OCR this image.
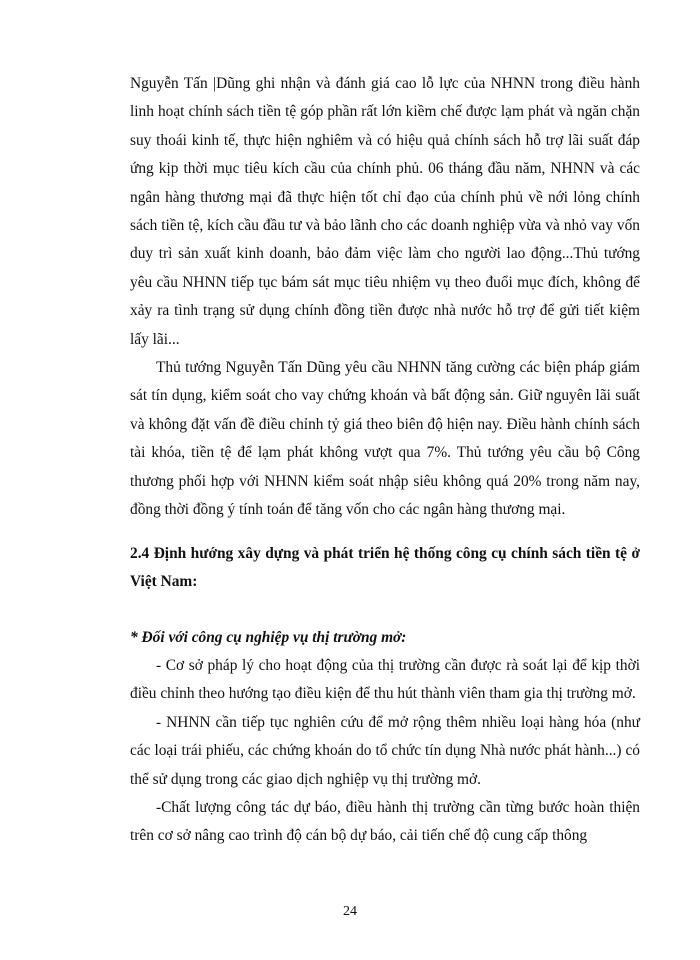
Nguyễn Tấn |Dũng ghi nhận và đánh giá cao lỗ lực của NHNN trong điều hành linh hoạt chính sách tiền tệ góp phần rất lớn kiềm chế được lạm phát và ngăn chặn suy thoái kinh tế, thực hiện nghiêm và có hiệu quả chính sách hỗ trợ lãi suất đáp ứng kịp thời mục tiêu kích cầu của chính phủ. 06 tháng đầu năm, NHNN và các ngân hàng thương mại đã thực hiện tốt chỉ đạo của chính phủ về nới lỏng chính sách tiền tệ, kích cầu đầu tư và bảo lãnh cho các doanh nghiệp vừa và nhỏ vay vốn duy trì sản xuất kinh doanh, bảo đảm việc làm cho người lao động...Thủ tướng yêu cầu NHNN tiếp tục bám sát mục tiêu nhiệm vụ theo đuổi mục đích, không để xảy ra tình trạng sử dụng chính đồng tiền được nhà nước hỗ trợ để gửi tiết kiệm lấy lãi...

Thủ tướng Nguyễn Tấn Dũng yêu cầu NHNN tăng cường các biện pháp giám sát tín dụng, kiểm soát cho vay chứng khoán và bất động sản. Giữ nguyên lãi suất và không đặt vấn đề điều chỉnh tỷ giá theo biên độ hiện nay. Điều hành chính sách tài khóa, tiền tệ để lạm phát không vượt qua 7%. Thủ tướng yêu cầu bộ Công thương phối hợp với NHNN kiểm soát nhập siêu không quá 20% trong năm nay, đồng thời đồng ý tính toán để tăng vốn cho các ngân hàng thương mại.

2.4 Định hướng xây dựng và phát triển hệ thống công cụ chính sách tiền tệ ở Việt Nam:

* Đối với công cụ nghiệp vụ thị trường mở:

- Cơ sở pháp lý cho hoạt động của thị trường cần được rà soát lại để kịp thời điều chỉnh theo hướng tạo điều kiện để thu hút thành viên tham gia thị trường mở.

- NHNN cần tiếp tục nghiên cứu để mở rộng thêm nhiều loại hàng hóa (như các loại trái phiếu, các chứng khoán do tổ chức tín dụng Nhà nước phát hành...) có thể sử dụng trong các giao dịch nghiệp vụ thị trường mở.

-Chất lượng công tác dự báo, điều hành thị trường cần từng bước hoàn thiện trên cơ sở nâng cao trình độ cán bộ dự báo, cải tiến chế độ cung cấp thông

24
